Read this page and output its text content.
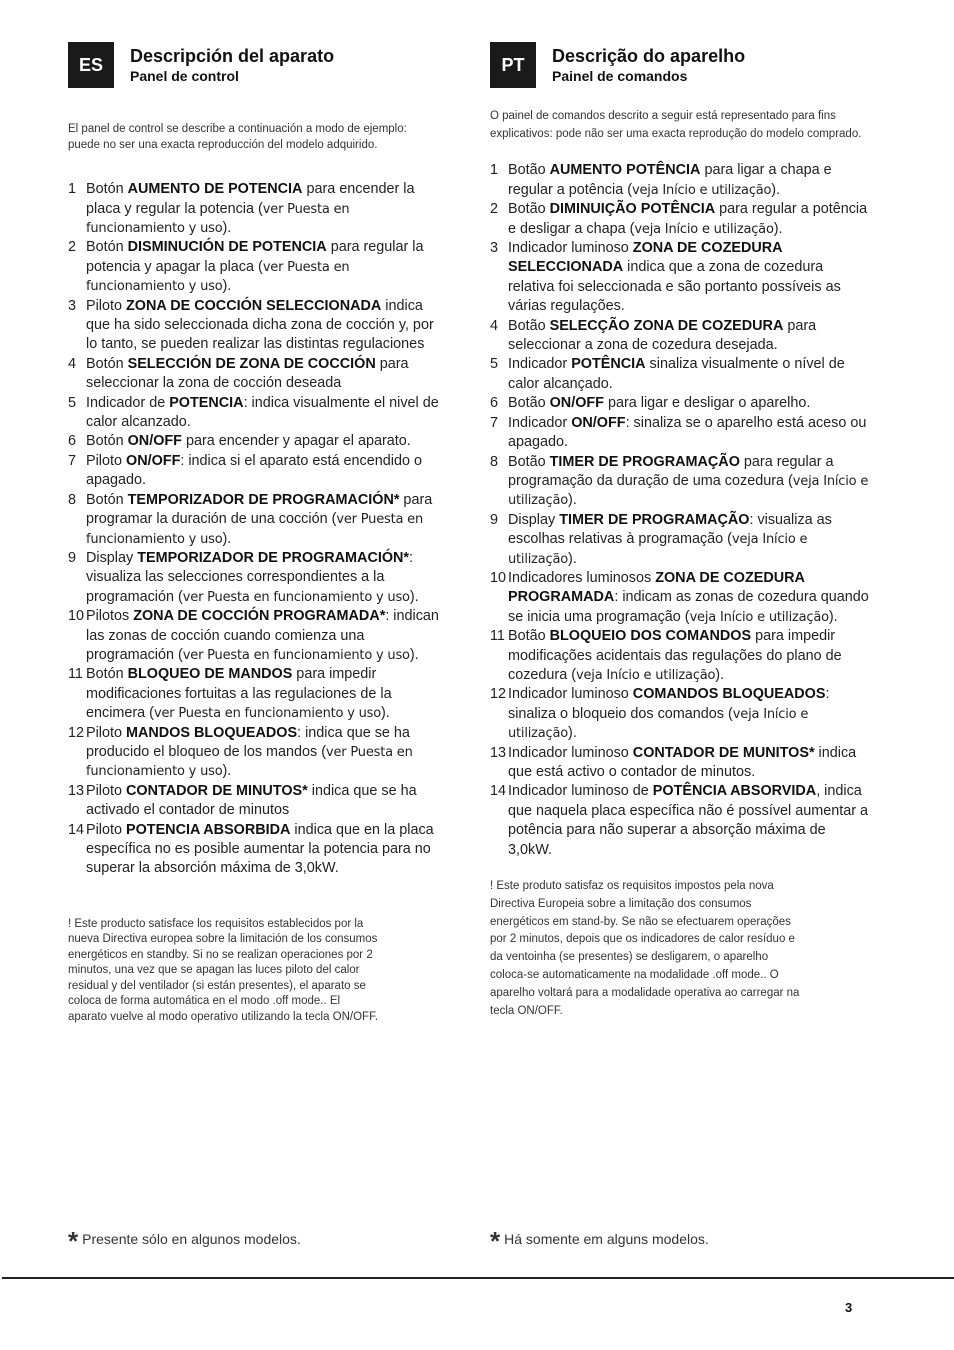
ES	Descripción del aparato
Panel de control
El panel de control se describe a continuación a modo de ejemplo: puede no ser una exacta reproducción del modelo adquirido.
1 Botón AUMENTO DE POTENCIA para encender la placa y regular la potencia (ver Puesta en funcionamiento y uso).
2 Botón DISMINUCIÓN DE POTENCIA para regular la potencia y apagar la placa (ver Puesta en funcionamiento y uso).
3 Piloto ZONA DE COCCIÓN SELECCIONADA indica que ha sido seleccionada dicha zona de cocción y, por lo tanto, se pueden realizar las distintas regulaciones
4 Botón SELECCIÓN DE ZONA DE COCCIÓN para seleccionar la zona de cocción deseada
5 Indicador de POTENCIA: indica visualmente el nivel de calor alcanzado.
6 Botón ON/OFF para encender y apagar el aparato.
7 Piloto ON/OFF: indica si el aparato está encendido o apagado.
8 Botón TEMPORIZADOR DE PROGRAMACIÓN* para programar la duración de una cocción (ver Puesta en funcionamiento y uso).
9 Display TEMPORIZADOR DE PROGRAMACIÓN*: visualiza las selecciones correspondientes a la programación (ver Puesta en funcionamiento y uso).
10 Pilotos ZONA DE COCCIÓN PROGRAMADA*: indican las zonas de cocción cuando comienza una programación (ver Puesta en funcionamiento y uso).
11 Botón BLOQUEO DE MANDOS para impedir modificaciones fortuitas a las regulaciones de la encimera (ver Puesta en funcionamiento y uso).
12 Piloto MANDOS BLOQUEADOS: indica que se ha producido el bloqueo de los mandos (ver Puesta en funcionamiento y uso).
13 Piloto CONTADOR DE MINUTOS* indica que se ha activado el contador de minutos
14 Piloto POTENCIA ABSORBIDA indica que en la placa específica no es posible aumentar la potencia para no superar la absorción máxima de 3,0kW.
! Este producto satisface los requisitos establecidos por la nueva Directiva europea sobre la limitación de los consumos energéticos en standby. Si no se realizan operaciones por 2 minutos, una vez que se apagan las luces piloto del calor residual y del ventilador (si están presentes), el aparato se coloca de forma automática en el modo .off mode.. El aparato vuelve al modo operativo utilizando la tecla ON/OFF.
PT	Descrição do aparelho
Painel de comandos
O painel de comandos descrito a seguir está representado para fins explicativos: pode não ser uma exacta reprodução do modelo comprado.
1 Botão AUMENTO POTÊNCIA para ligar a chapa e regular a potência (veja Início e utilização).
2 Botão DIMINUIÇÃO POTÊNCIA para regular a potência e desligar a chapa (veja Início e utilização).
3 Indicador luminoso ZONA DE COZEDURA SELECCIONADA indica que a zona de cozedura relativa foi seleccionada e são portanto possíveis as várias regulações.
4 Botão SELECÇÃO ZONA DE COZEDURA para seleccionar a zona de cozedura desejada.
5 Indicador POTÊNCIA sinaliza visualmente o nível de calor alcançado.
6 Botão ON/OFF para ligar e desligar o aparelho.
7 Indicador ON/OFF: sinaliza se o aparelho está aceso ou apagado.
8 Botão TIMER DE PROGRAMAÇÃO para regular a programação da duração de uma cozedura (veja Início e utilização).
9 Display TIMER DE PROGRAMAÇÃO: visualiza as escolhas relativas à programação (veja Início e utilização).
10 Indicadores luminosos ZONA DE COZEDURA PROGRAMADA: indicam as zonas de cozedura quando se inicia uma programação (veja Início e utilização).
11 Botão BLOQUEIO DOS COMANDOS para impedir modificações acidentais das regulações do plano de cozedura (veja Início e utilização).
12 Indicador luminoso COMANDOS BLOQUEADOS: sinaliza o bloqueio dos comandos (veja Início e utilização).
13 Indicador luminoso CONTADOR DE MUNITOS* indica que está activo o contador de minutos.
14 Indicador luminoso de POTÊNCIA ABSORVIDA, indica que naquela placa específica não é possível aumentar a potência para não superar a absorção máxima de 3,0kW.
! Este produto satisfaz os requisitos impostos pela nova Directiva Europeia sobre a limitação dos consumos energéticos em stand-by. Se não se efectuarem operações por 2 minutos, depois que os indicadores de calor resíduo e da ventoinha (se presentes) se desligarem, o aparelho coloca-se automaticamente na modalidade .off mode.. O aparelho voltará para a modalidade operativa ao carregar na tecla ON/OFF.
* Presente sólo en algunos modelos.	* Há somente em alguns modelos.
3
